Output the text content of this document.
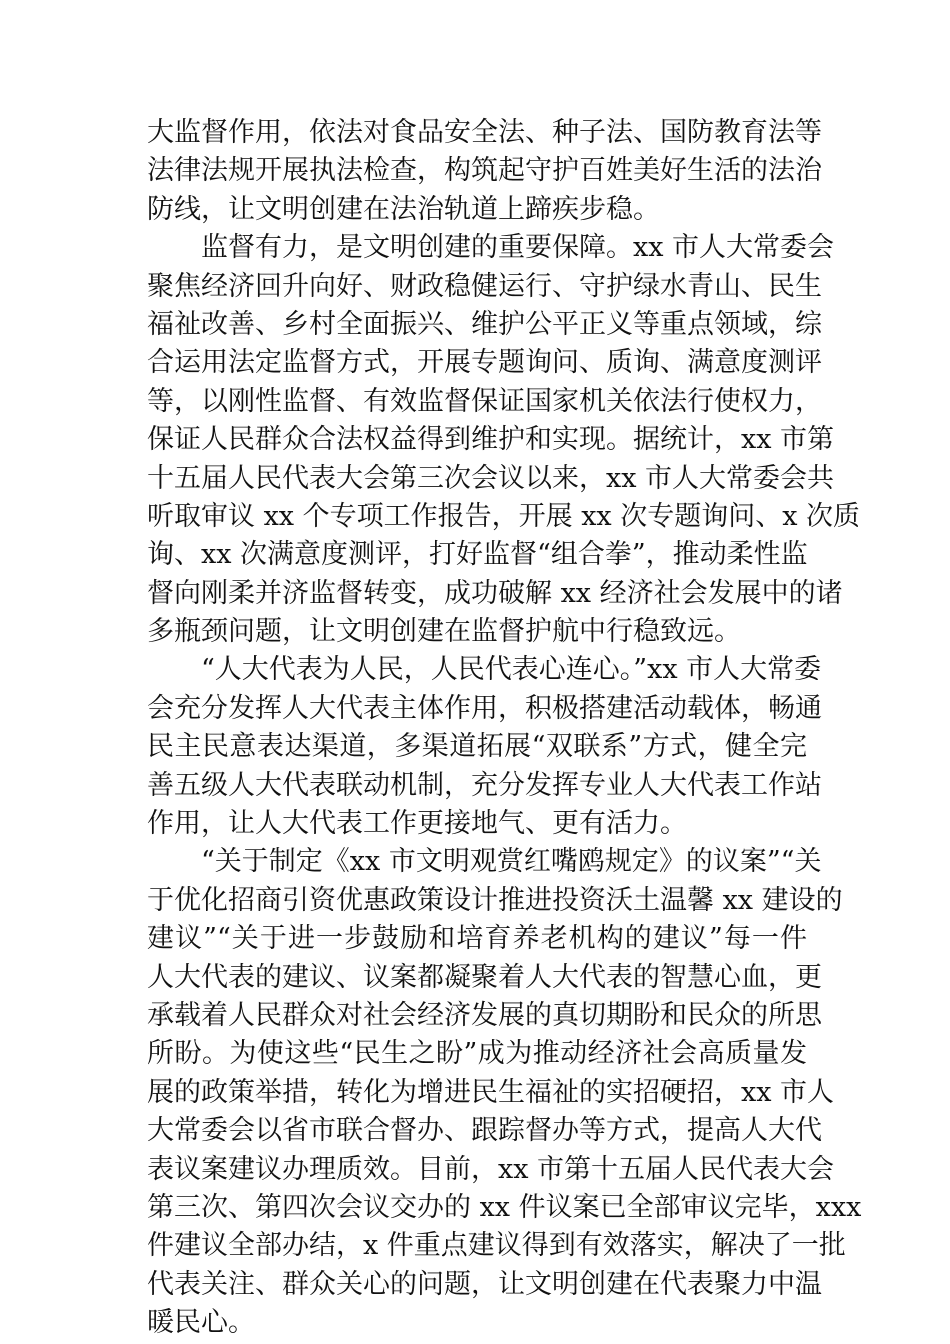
大监督作用，依法对食品安全法、种子法、国防教育法等
法律法规开展执法检查，构筑起守护百姓美好生活的法治
防线，让文明创建在法治轨道上蹄疾步稳。
监督有力，是文明创建的重要保障。xx 市人大常委会
聚焦经济回升向好、财政稳健运行、守护绿水青山、民生
福祉改善、乡村全面振兴、维护公平正义等重点领域，综
合运用法定监督方式，开展专题询问、质询、满意度测评
等，以刚性监督、有效监督保证国家机关依法行使权力，
保证人民群众合法权益得到维护和实现。据统计，xx 市第
十五届人民代表大会第三次会议以来，xx 市人大常委会共
听取审议 xx 个专项工作报告，开展 xx 次专题询问、x 次质
询、xx 次满意度测评，打好监督“组合拳”，推动柔性监
督向刚柔并济监督转变，成功破解 xx 经济社会发展中的诸
多瓶颈问题，让文明创建在监督护航中行稳致远。
“人大代表为人民，人民代表心连心。”xx 市人大常委
会充分发挥人大代表主体作用，积极搭建活动载体，畅通
民主民意表达渠道，多渠道拓展“双联系”方式，健全完
善五级人大代表联动机制，充分发挥专业人大代表工作站
作用，让人大代表工作更接地气、更有活力。
“关于制定《xx 市文明观赏红嘴鸥规定》的议案”“关
于优化招商引资优惠政策设计推进投资沃土温馨 xx 建设的
建议”“关于进一步鼓励和培育养老机构的建议”每一件
人大代表的建议、议案都凝聚着人大代表的智慧心血，更
承载着人民群众对社会经济发展的真切期盼和民众的所思
所盼。为使这些“民生之盼”成为推动经济社会高质量发
展的政策举措，转化为增进民生福祉的实招硬招，xx 市人
大常委会以省市联合督办、跟踪督办等方式，提高人大代
表议案建议办理质效。目前，xx 市第十五届人民代表大会
第三次、第四次会议交办的 xx 件议案已全部审议完毕，xxx
件建议全部办结，x 件重点建议得到有效落实，解决了一批
代表关注、群众关心的问题，让文明创建在代表聚力中温
暖民心。
